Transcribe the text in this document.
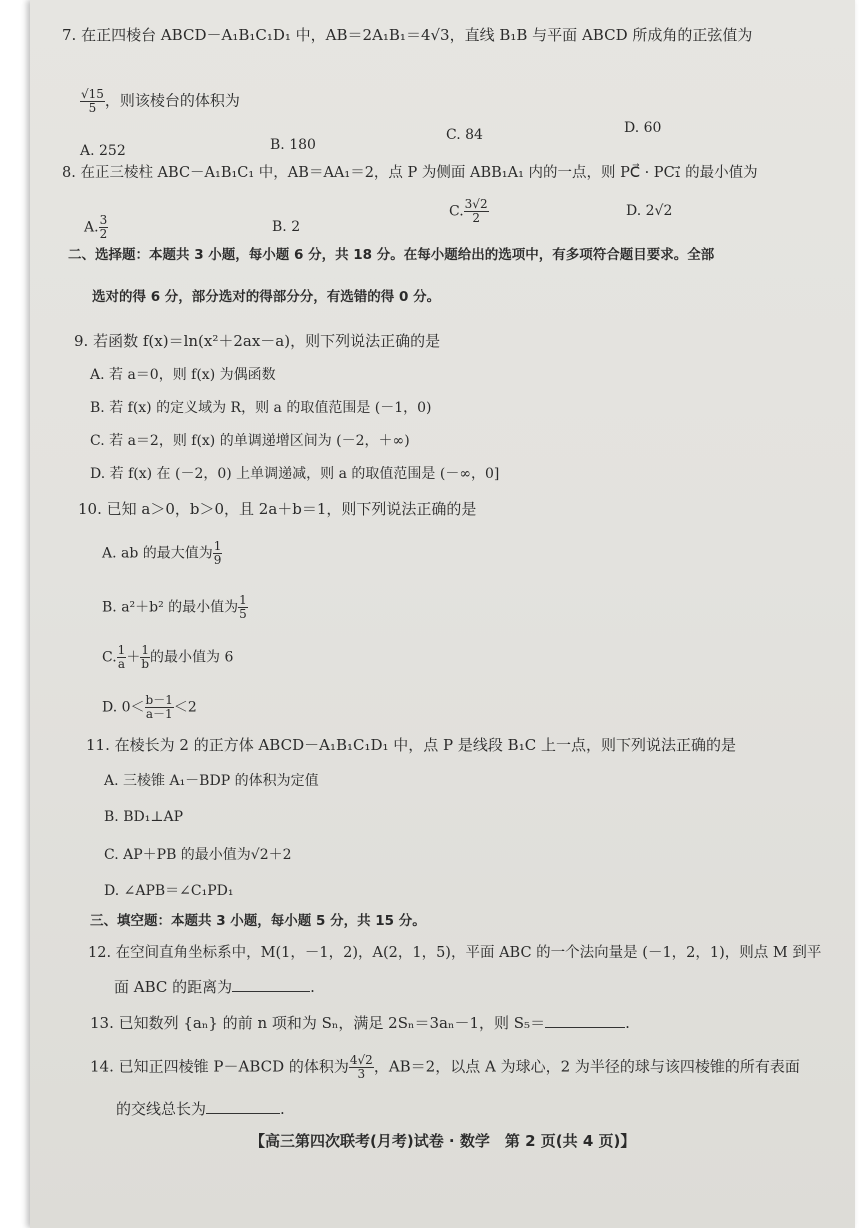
7. 在正四棱台 ABCD－A₁B₁C₁D₁ 中，AB＝2A₁B₁＝4√3，直线 B₁B 与平面 ABCD 所成角的正弦值为
$\frac{√15}{5}$ ，则该棱台的体积为
A. 252	B. 180
C. 84	D. 60
8. 在正三棱柱 ABC－A₁B₁C₁ 中，AB＝AA₁＝2，点 P 为侧面 ABB₁A₁ 内的一点，则 PC⃗ · PC₁⃗ 的最小值为
A. $\frac{3}{2}$	B. 2
C. $\frac{3√2}{2}$	D. 2√2
二、选择题：本题共 3 小题，每小题 6 分，共 18 分。在每小题给出的选项中，有多项符合题目要求。全部
选对的得 6 分，部分选对的得部分分，有选错的得 0 分。
9. 若函数 f(x)＝ln(x²＋2ax－a)，则下列说法正确的是
A. 若 a＝0，则 f(x) 为偶函数
B. 若 f(x) 的定义域为 R，则 a 的取值范围是 (－1，0)
C. 若 a＝2，则 f(x) 的单调递增区间为 (－2，＋∞)
D. 若 f(x) 在 (－2，0) 上单调递减，则 a 的取值范围是 (－∞，0]
10. 已知 a＞0，b＞0，且 2a＋b＝1，则下列说法正确的是
A. ab 的最大值为 $\frac{1}{9}$
B. a²＋b² 的最小值为 $\frac{1}{5}$
C. $\frac{1}{a} + \frac{1}{b}$ 的最小值为 6
D. $0< \frac{b-1}{a-1} <2$
11. 在棱长为 2 的正方体 ABCD－A₁B₁C₁D₁ 中，点 P 是线段 B₁C 上一点，则下列说法正确的是
A. 三棱锥 A₁－BDP 的体积为定值
B. BD₁⊥AP
C. AP＋PB 的最小值为√2＋2
D. ∠APB＝∠C₁PD₁
三、填空题：本题共 3 小题，每小题 5 分，共 15 分。
12. 在空间直角坐标系中，M(1，－1，2)，A(2，1，5)，平面 ABC 的一个法向量是 (－1，2，1)，则点 M 到平
面 ABC 的距离为	.
13. 已知数列 {aₙ} 的前 n 项和为 Sₙ，满足 2Sₙ＝3aₙ－1，则 S₅＝	.
14. 已知正四棱锥 P－ABCD 的体积为 $\frac{4√2}{3}$ ，AB＝2，以点 A 为球心，2 为半径的球与该四棱锥的所有表面
的交线总长为	.
【高三第四次联考(月考)试卷 · 数学　第 2 页(共 4 页)】
